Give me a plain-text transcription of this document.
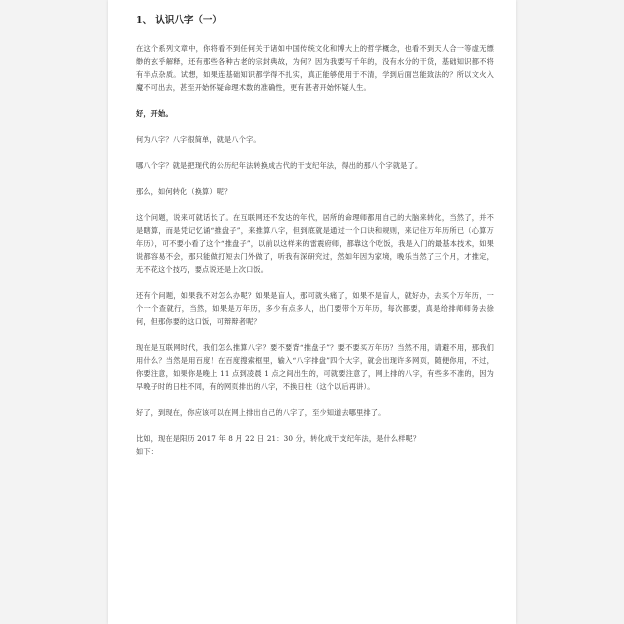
1、 认识八字（一）
在这个系列文章中，你将看不到任何关于诸如中国传统文化和博大上的哲学概念，也看不到天人合一等虚无缥缈的玄乎解释，还有那些各种古老的宗封典故，为何？因为我要写千年的，没有水分的干货，基础知识都不将有半点杂质。试想，如果连基础知识都学得不扎实，真正能够使用于不清，学到后面岂能致法的？所以文火入魔不可出去，甚至开始怀疑命理术数的准确性，更有甚者开始怀疑人生。
好，开始。
何为八字？八字很简单，就是八个字。
哪八个字？就是把现代的公历纪年法转换成古代的干支纪年法，得出的那八个字就是了。
那么，如何转化（换算）呢？
这个问题，说来可就话长了。在互联网还不发达的年代，居所的命理师都用自己的大脑来转化，当然了，并不是瞎算，而是凭记忆诵“推盘子”，来推算八字，但到底就是通过一个口诀和规则，来记住万年历所已（心算万年历），可不要小看了这个“推盘子”，以前以这样来的雷震府师，都靠这个吃饭，我是入门的最基本技术，如果说都容易不会，那只能做打短去门外做了，听我有深研究过，然如年因为家境，晚乐当然了三个月，才推定，无不花这个技巧，要点说还是上次口饭。
还有个问题，如果我不对怎么办呢？如果是盲人，那可就头痛了，如果不是盲人，就好办，去买个万年历，一个一个查就行，当然，如果是万年历，多少有点多人，出门要带个万年历，每次都要，真是给排师师务去徐何，但那你要的这口饭，可辩辩者呢？
现在是互联网时代，我们怎么推算八字？要不要背“推盘子”？要不要买万年历？当然不用，请避不用，那我们用什么？当然是用百度！在百度搜索框里，输入“八字排盘”四个大字，就会出现许多网页，随便你用，不过，你要注意，如果你是晚上 11 点到凌晨 1 点之间出生的，可就要注意了，网上排的八字，有些多不准的，因为早晚子时的日柱不同，有的网页排出的八字，不换日柱（这个以后再讲）。
好了，到现在，你应该可以在网上排出自己的八字了，至少知道去哪里排了。
比如，现在是阳历 2017 年 8 月 22 日 21：30 分，转化成干支纪年法，是什么样呢？
如下：
